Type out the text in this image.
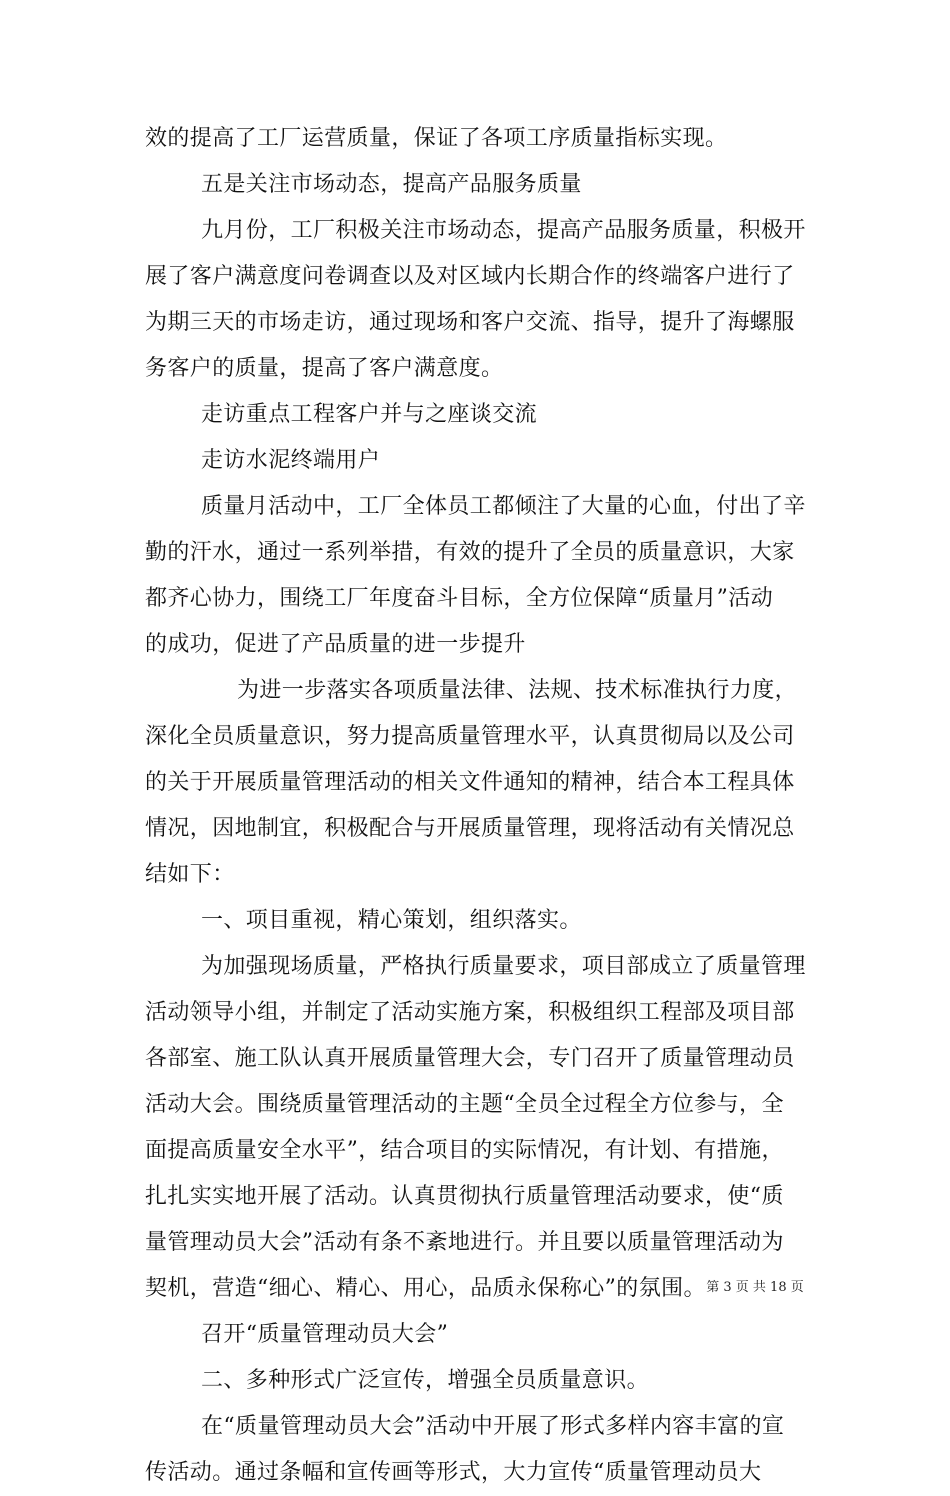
效的提高了工厂运营质量，保证了各项工序质量指标实现。
五是关注市场动态，提高产品服务质量
九月份，工厂积极关注市场动态，提高产品服务质量，积极开
展了客户满意度问卷调查以及对区域内长期合作的终端客户进行了
为期三天的市场走访，通过现场和客户交流、指导，提升了海螺服
务客户的质量，提高了客户满意度。
走访重点工程客户并与之座谈交流
走访水泥终端用户
质量月活动中，工厂全体员工都倾注了大量的心血，付出了辛
勤的汗水，通过一系列举措，有效的提升了全员的质量意识，大家
都齐心协力，围绕工厂年度奋斗目标，全方位保障“质量月”活动
的成功，促进了产品质量的进一步提升
为进一步落实各项质量法律、法规、技术标准执行力度，
深化全员质量意识，努力提高质量管理水平，认真贯彻局以及公司
的关于开展质量管理活动的相关文件通知的精神，结合本工程具体
情况，因地制宜，积极配合与开展质量管理，现将活动有关情况总
结如下：
一、项目重视，精心策划，组织落实。
为加强现场质量，严格执行质量要求，项目部成立了质量管理
活动领导小组，并制定了活动实施方案，积极组织工程部及项目部
各部室、施工队认真开展质量管理大会，专门召开了质量管理动员
活动大会。围绕质量管理活动的主题“全员全过程全方位参与，全
面提高质量安全水平”，结合项目的实际情况，有计划、有措施，
扎扎实实地开展了活动。认真贯彻执行质量管理活动要求，使“质
量管理动员大会”活动有条不紊地进行。并且要以质量管理活动为
契机，营造“细心、精心、用心，品质永保称心”的氛围。
召开“质量管理动员大会”
二、多种形式广泛宣传，增强全员质量意识。
在“质量管理动员大会”活动中开展了形式多样内容丰富的宣
传活动。通过条幅和宣传画等形式，大力宣传“质量管理动员大
第 3 页 共 18 页
